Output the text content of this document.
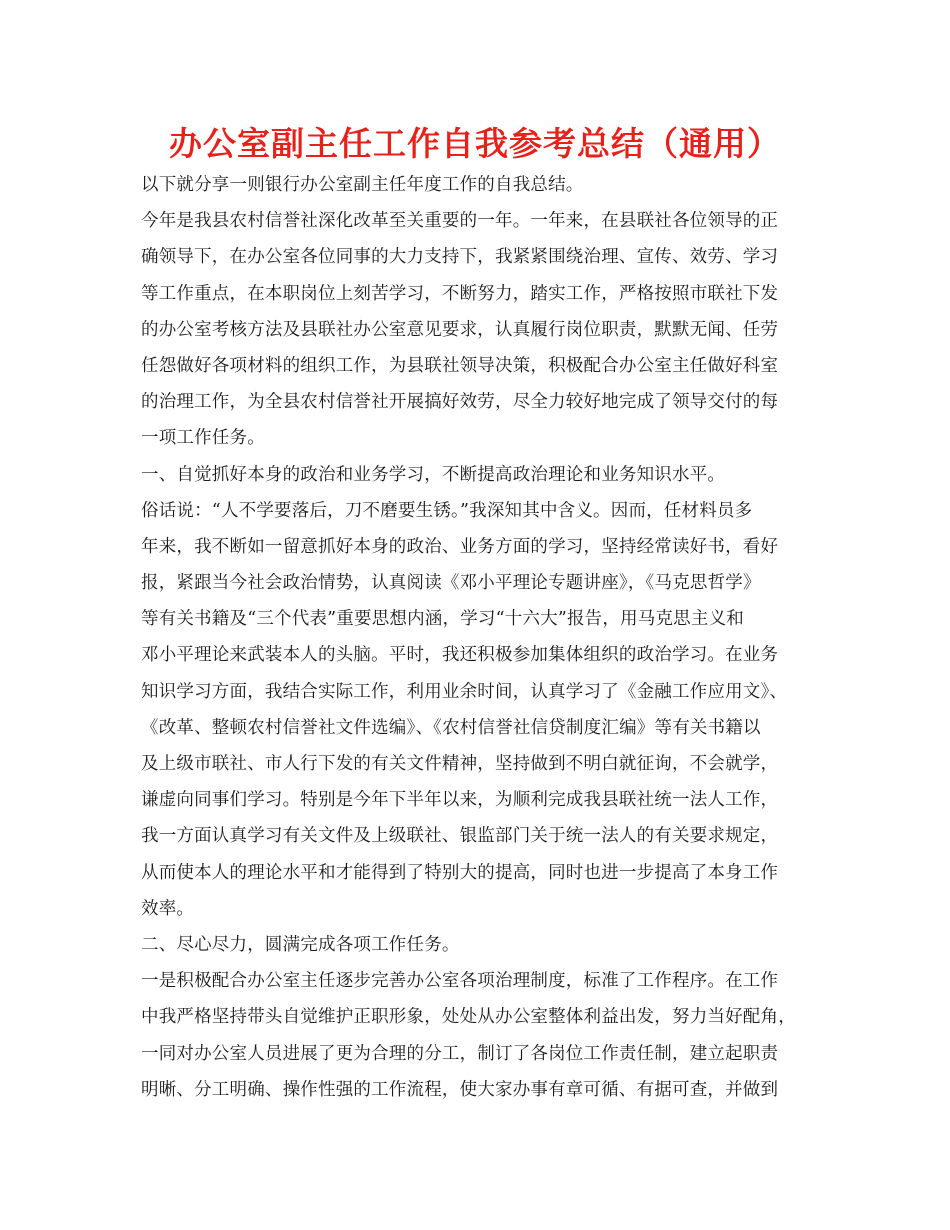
办公室副主任工作自我参考总结（通用）
以下就分享一则银行办公室副主任年度工作的自我总结。
今年是我县农村信誉社深化改革至关重要的一年。一年来，在县联社各位领导的正
确领导下，在办公室各位同事的大力支持下，我紧紧围绕治理、宣传、效劳、学习
等工作重点，在本职岗位上刻苦学习，不断努力，踏实工作，严格按照市联社下发
的办公室考核方法及县联社办公室意见要求，认真履行岗位职责，默默无闻、任劳
任怨做好各项材料的组织工作，为县联社领导决策，积极配合办公室主任做好科室
的治理工作，为全县农村信誉社开展搞好效劳，尽全力较好地完成了领导交付的每
一项工作任务。
一、自觉抓好本身的政治和业务学习，不断提高政治理论和业务知识水平。
俗话说：“人不学要落后，刀不磨要生锈。”我深知其中含义。因而，任材料员多
年来，我不断如一留意抓好本身的政治、业务方面的学习，坚持经常读好书，看好
报，紧跟当今社会政治情势，认真阅读《邓小平理论专题讲座》，《马克思哲学》
等有关书籍及“三个代表”重要思想内涵，学习“十六大”报告，用马克思主义和
邓小平理论来武装本人的头脑。平时，我还积极参加集体组织的政治学习。在业务
知识学习方面，我结合实际工作，利用业余时间，认真学习了《金融工作应用文》、
《改革、整顿农村信誉社文件选编》、《农村信誉社信贷制度汇编》等有关书籍以
及上级市联社、市人行下发的有关文件精神，坚持做到不明白就征询，不会就学，
谦虚向同事们学习。特别是今年下半年以来，为顺利完成我县联社统一法人工作，
我一方面认真学习有关文件及上级联社、银监部门关于统一法人的有关要求规定，
从而使本人的理论水平和才能得到了特别大的提高，同时也进一步提高了本身工作
效率。
二、尽心尽力，圆满完成各项工作任务。
一是积极配合办公室主任逐步完善办公室各项治理制度，标准了工作程序。在工作
中我严格坚持带头自觉维护正职形象，处处从办公室整体利益出发，努力当好配角，
一同对办公室人员进展了更为合理的分工，制订了各岗位工作责任制，建立起职责
明晰、分工明确、操作性强的工作流程，使大家办事有章可循、有据可查，并做到
